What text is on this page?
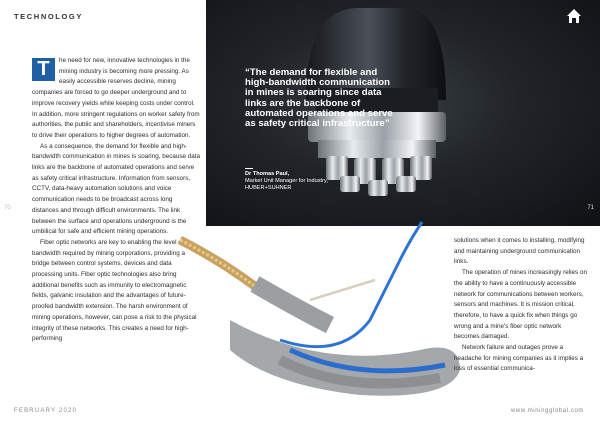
TECHNOLOGY
70
“The demand for flexible and high-bandwidth communication in mines is soaring since data links are the backbone of automated operations and serve as safety critical infrastructure”
Dr Thomas Paul,
Market Unit Manager for Industry,
HUBER+SUHNER
71

T	he need for new, innovative technologies in the mining industry is becoming more pressing. As easily accessible reserves decline, mining companies are forced to go deeper underground and to improve recovery yields while keeping costs under control. In addition, more stringent regulations on worker safety from authorities, the public and shareholders, incentivise miners to drive their operations to higher degrees of automation.

As a consequence, the demand for flexible and high-bandwidth communication in mines is soaring, because data links are the backbone of automated operations and serve as safety critical infrastructure. Information from sensors, CCTV, data-heavy automation solutions and voice communication needs to be broadcast across long distances and through difficult environments. The link between the surface and operations underground is the umbilical for safe and efficient mining operations.

Fiber optic networks are key to enabling the level of bandwidth required by mining corporations, providing a bridge between control systems, devices and data processing units. Fiber optic technologies also bring additional benefits such as immunity to electromagnetic fields, galvanic insulation and the advantages of future-proofed bandwidth extension. The harsh environment of mining operations, however, can pose a risk to the physical integrity of these networks. This creates a need for high-performing

solutions when it comes to installing, modifying and maintaining underground communication links.

The operation of mines increasingly relies on the ability to have a continuously accessible network for communications between workers, sensors and machines. It is mission critical, therefore, to have a quick fix when things go wrong and a mine's fiber optic network becomes damaged.

Network failure and outages prove a headache for mining companies as it implies a loss of essential communica-

FEBRUARY 2020	www.miningglobal.com
